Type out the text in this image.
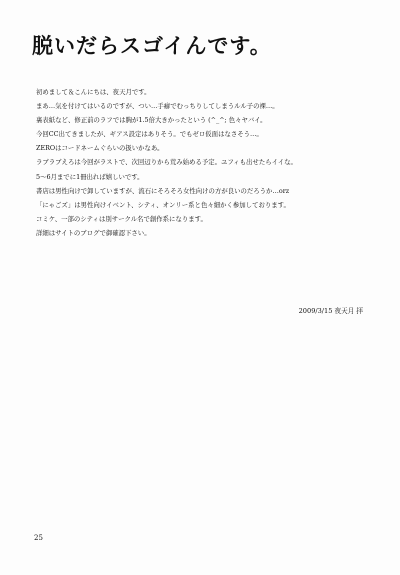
脱いだらスゴイんです。
初めまして＆こんにちは、夜天月です。
まあ…気を付けてはいるのですが、つい…手癖でむっちりしてしまうルル子の裸…。
裏表紙など、修正前のラフでは胸が1.5倍大きかったという (^_^; 色々ヤバイ。
今回CC出てきましたが、ギアス設定はありそう。でもゼロ仮面はなさそう…。
ZEROはコードネームぐらいの扱いかなあ。
ラブラブえろは今回がラストで、次回辺りから荒み始める予定。ユフィも出せたらイイな。
5～6月までに1冊出れば嬉しいです。
書店は男性向けで卸していますが、流石にそろそろ女性向けの方が良いのだろうか…orz
「にゃごズ」は男性向けイベント、シティ、オンリー系と色々細かく参加しております。
コミケ、一部のシティは別サークル名で創作系になります。
詳細はサイトのブログで御確認下さい。
2009/3/15 夜天月 拝
25
